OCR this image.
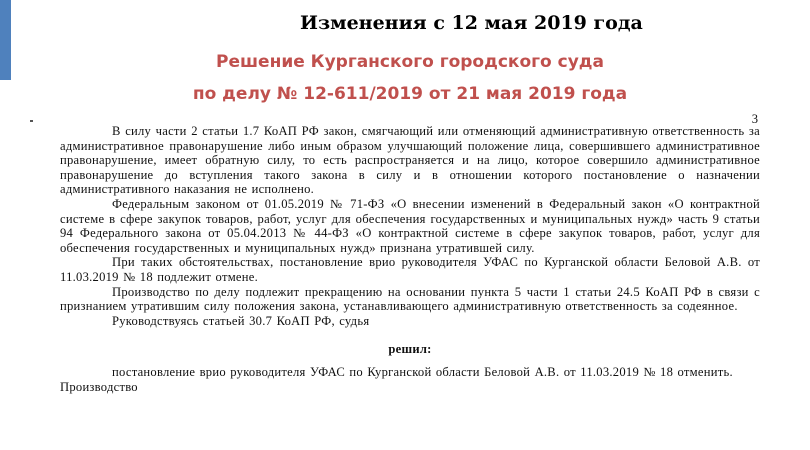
Изменения с 12 мая 2019 года
Решение Курганского городского суда
по делу № 12-611/2019 от 21 мая 2019 года
3

В силу части 2 статьи 1.7 КоАП РФ закон, смягчающий или отменяющий административную ответственность за административное правонарушение либо иным образом улучшающий положение лица, совершившего административное правонарушение, имеет обратную силу, то есть распространяется и на лицо, которое совершило административное правонарушение до вступления такого закона в силу и в отношении которого постановление о назначении административного наказания не исполнено.

Федеральным законом от 01.05.2019 № 71-ФЗ «О внесении изменений в Федеральный закон «О контрактной системе в сфере закупок товаров, работ, услуг для обеспечения государственных и муниципальных нужд» часть 9 статьи 94 Федерального закона от 05.04.2013 № 44-ФЗ «О контрактной системе в сфере закупок товаров, работ, услуг для обеспечения государственных и муниципальных нужд» признана утратившей силу.

При таких обстоятельствах, постановление врио руководителя УФАС по Курганской области Беловой А.В. от 11.03.2019 № 18 подлежит отмене.

Производство по делу подлежит прекращению на основании пункта 5 части 1 статьи 24.5 КоАП РФ в связи с признанием утратившим силу положения закона, устанавливающего административную ответственность за содеянное.

Руководствуясь статьей 30.7 КоАП РФ, судья

решил:

постановление врио руководителя УФАС по Курганской области Беловой А.В. от 11.03.2019 № 18 отменить.

Производство
